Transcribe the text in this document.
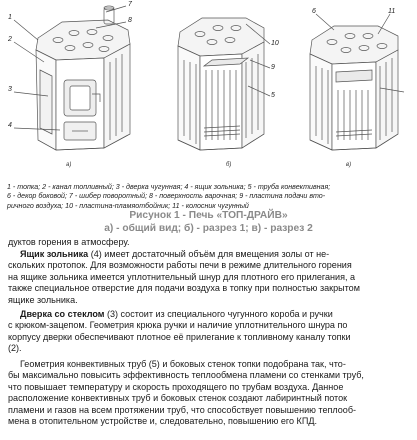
1
2
3
4
7
8
10
9
5
6	11
а)	б)	в)
1 - топка; 2 - канал топливный; 3 - дверка чугунная; 4 - ящик зольника; 5 - труба конвективная;
6 - декор боковой; 7 - шибер поворотный; 8 - поверхность варочная; 9 - пластина подачи вто-
ричного воздуха; 10 - пластина-пламяотбойник; 11 - колосник чугунный
Рисунок 1 - Печь «ТОП-ДРАЙВ»
а) - общий вид; б) - разрез 1; в) - разрез 2
дуктов горения в атмосферу.
Ящик зольника (4) имеет достаточный объём для вмещения золы от не-
скольких протопок. Для возможности работы печи в режиме длительного горения
на ящике зольника имеется уплотнительный шнур для плотного его прилегания, а
также специальное отверстие для подачи воздуха в топку при полностью закрытом
ящике зольника.
Дверка со стеклом (3) состоит из специального чугунного короба и ручки
с крюком-зацепом. Геометрия крюка ручки и наличие уплотнительного шнура по
корпусу дверки обеспечивают плотное её прилегание к топливному каналу топки
(2).
Геометрия конвективных труб (5) и боковых стенок топки подобрана так, что-
бы максимально повысить эффективность теплообмена пламени со стенками труб,
что повышает температуру и скорость проходящего по трубам воздуха. Данное
расположение конвективных труб и боковых стенок создают лабиринтный поток
пламени и газов на всем протяжении труб, что способствует повышению теплооб-
мена в отопительном устройстве и, следовательно, повышению его КПД.
